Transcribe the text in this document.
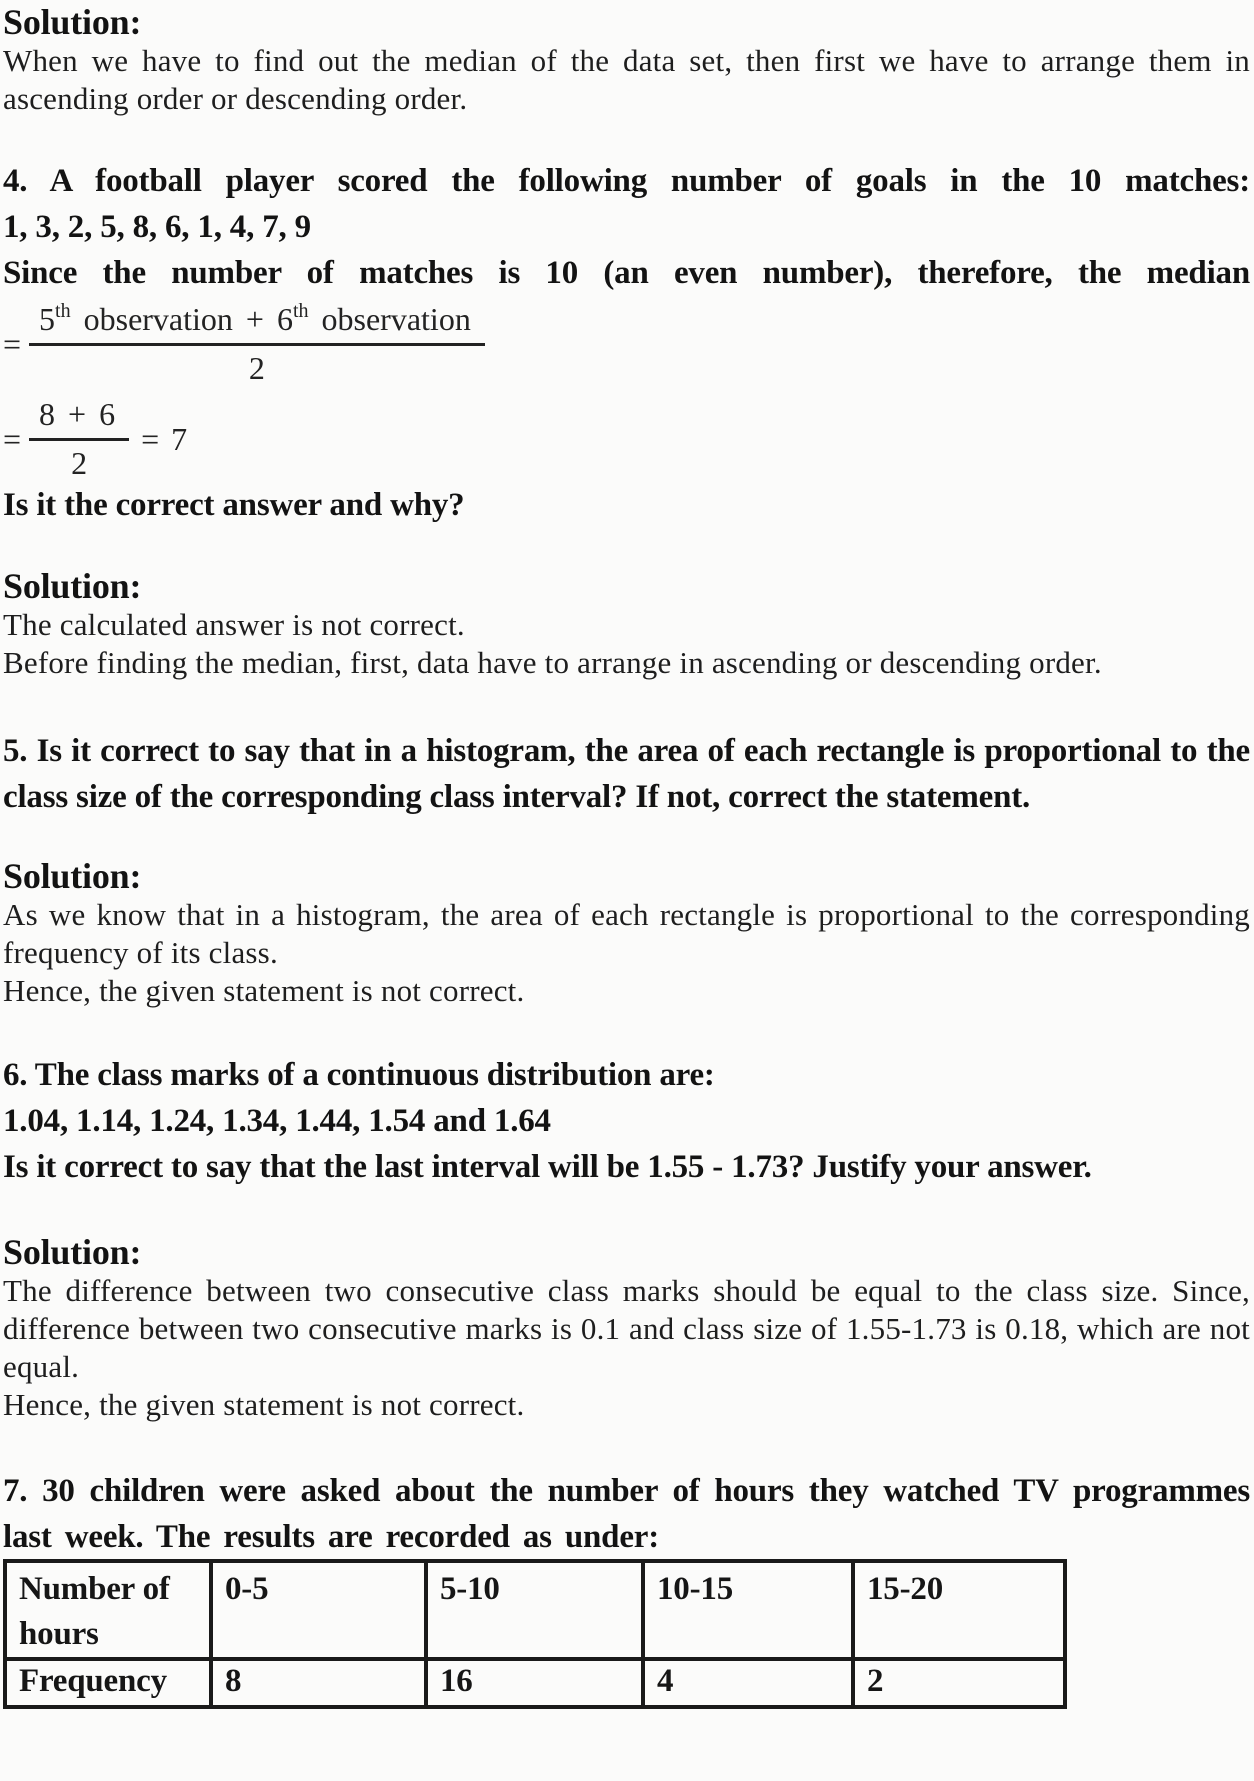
Solution:
When we have to find out the median of the data set, then first we have to arrange them in ascending order or descending order.
4. A football player scored the following number of goals in the 10 matches:
1, 3, 2, 5, 8, 6, 1, 4, 7, 9
Since the number of matches is 10 (an even number), therefore, the median
= $\frac{5^{th} observation + 6^{th} observation}{2}$
= $\frac{8 + 6}{2} = 7$
Is it the correct answer and why?
Solution:
The calculated answer is not correct.
Before finding the median, first, data have to arrange in ascending or descending order.
5. Is it correct to say that in a histogram, the area of each rectangle is proportional to the class size of the corresponding class interval? If not, correct the statement.
Solution:
As we know that in a histogram, the area of each rectangle is proportional to the corresponding frequency of its class.
Hence, the given statement is not correct.
6. The class marks of a continuous distribution are:
1.04, 1.14, 1.24, 1.34, 1.44, 1.54 and 1.64
Is it correct to say that the last interval will be 1.55 - 1.73? Justify your answer.
Solution:
The difference between two consecutive class marks should be equal to the class size. Since, difference between two consecutive marks is 0.1 and class size of 1.55-1.73 is 0.18, which are not equal.
Hence, the given statement is not correct.
7. 30 children were asked about the number of hours they watched TV programmes last week. The results are recorded as under:
Number of hours	0-5	5-10	10-15	15-20
Frequency	8	16	4	2
